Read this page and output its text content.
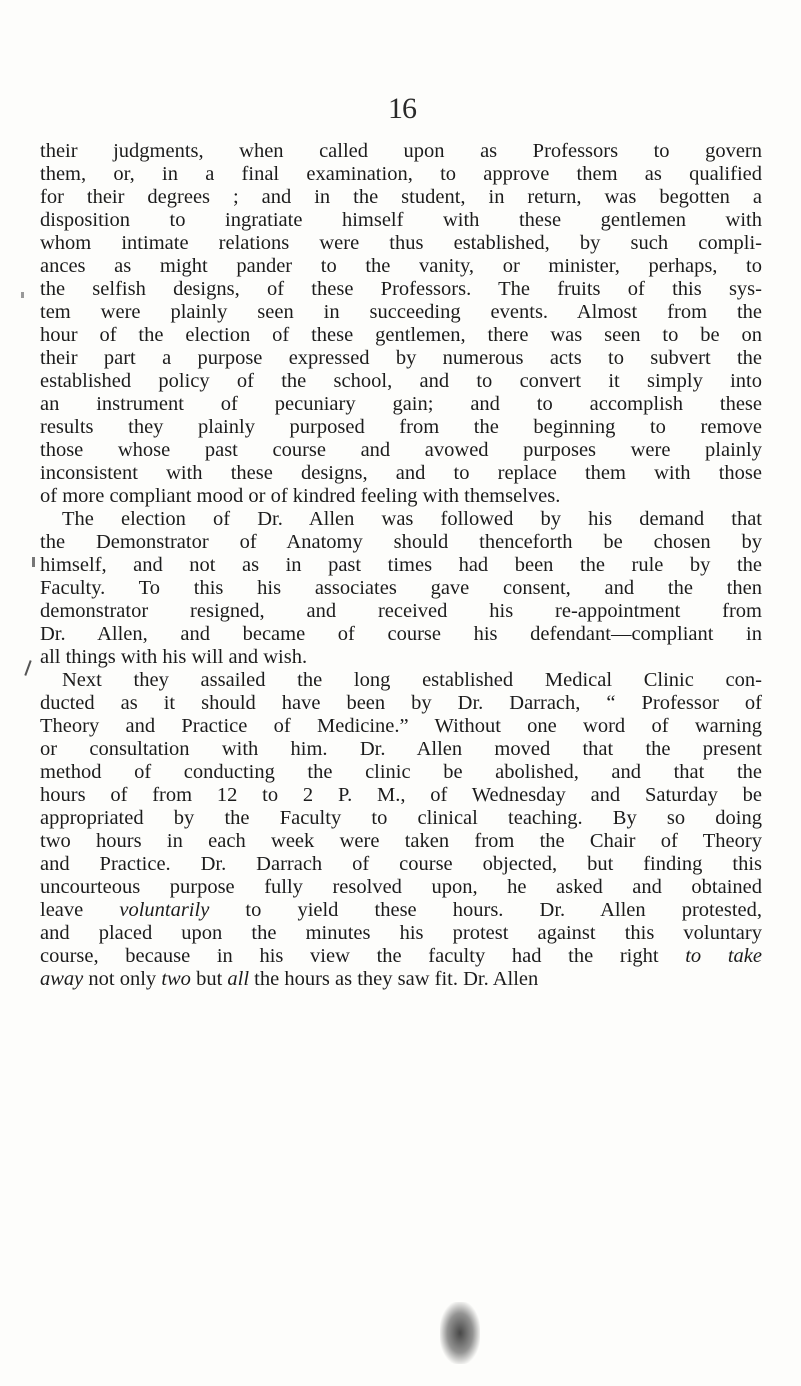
16
their judgments, when called upon as Professors to govern
them, or, in a final examination, to approve them as qualified
for their degrees ; and in the student, in return, was begotten a
disposition to ingratiate himself with these gentlemen with
whom intimate relations were thus established, by such compli-
ances as might pander to the vanity, or minister, perhaps, to
the selfish designs, of these Professors. The fruits of this sys-
tem were plainly seen in succeeding events. Almost from the
hour of the election of these gentlemen, there was seen to be on
their part a purpose expressed by numerous acts to subvert the
established policy of the school, and to convert it simply into
an instrument of pecuniary gain; and to accomplish these
results they plainly purposed from the beginning to remove
those whose past course and avowed purposes were plainly
inconsistent with these designs, and to replace them with those
of more compliant mood or of kindred feeling with themselves.
The election of Dr. Allen was followed by his demand that
the Demonstrator of Anatomy should thenceforth be chosen by
himself, and not as in past times had been the rule by the
Faculty. To this his associates gave consent, and the then
demonstrator resigned, and received his re-appointment from
Dr. Allen, and became of course his defendant—compliant in
all things with his will and wish.
Next they assailed the long established Medical Clinic con-
ducted as it should have been by Dr. Darrach, “ Professor of
Theory and Practice of Medicine.” Without one word of warning
or consultation with him. Dr. Allen moved that the present
method of conducting the clinic be abolished, and that the
hours of from 12 to 2 P. M., of Wednesday and Saturday be
appropriated by the Faculty to clinical teaching. By so doing
two hours in each week were taken from the Chair of Theory
and Practice. Dr. Darrach of course objected, but finding this
uncourteous purpose fully resolved upon, he asked and obtained
leave voluntarily to yield these hours. Dr. Allen protested,
and placed upon the minutes his protest against this voluntary
course, because in his view the faculty had the right to take
away not only two but all the hours as they saw fit. Dr. Allen
